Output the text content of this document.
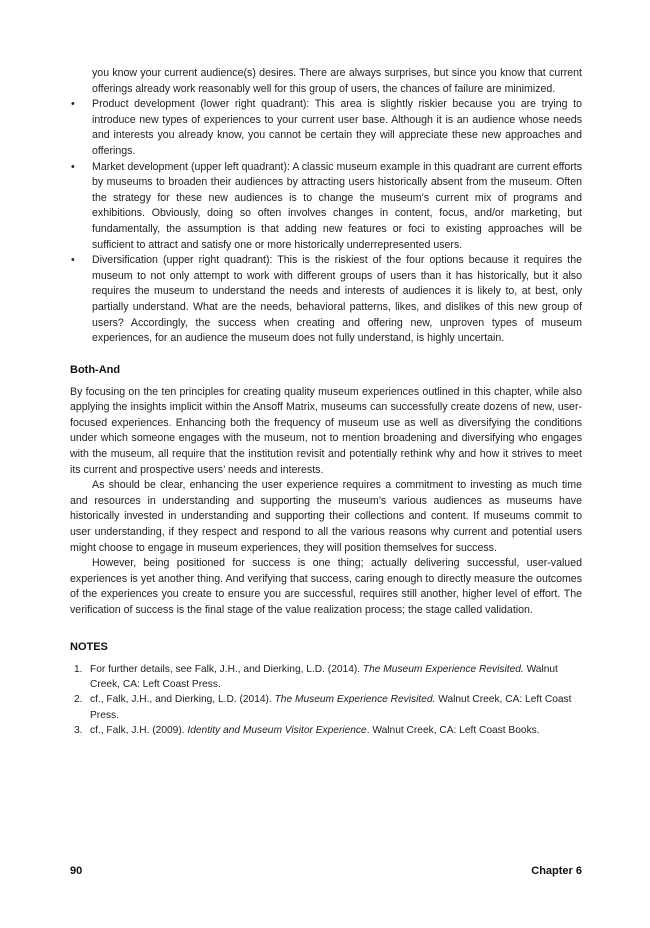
you know your current audience(s) desires. There are always surprises, but since you know that current offerings already work reasonably well for this group of users, the chances of failure are minimized.

• Product development (lower right quadrant): This area is slightly riskier because you are trying to introduce new types of experiences to your current user base. Although it is an audience whose needs and interests you already know, you cannot be certain they will appreciate these new approaches and offerings.
• Market development (upper left quadrant): A classic museum example in this quadrant are current efforts by museums to broaden their audiences by attracting users historically absent from the museum. Often the strategy for these new audiences is to change the museum’s current mix of programs and exhibitions. Obviously, doing so often involves changes in content, focus, and/or marketing, but fundamentally, the assumption is that adding new features or foci to existing approaches will be sufficient to attract and satisfy one or more historically underrepresented users.
• Diversification (upper right quadrant): This is the riskiest of the four options because it requires the museum to not only attempt to work with different groups of users than it has historically, but it also requires the museum to understand the needs and interests of audiences it is likely to, at best, only partially understand. What are the needs, behavioral patterns, likes, and dislikes of this new group of users? Accordingly, the success when creating and offering new, unproven types of museum experiences, for an audience the museum does not fully understand, is highly uncertain.
Both-And

By focusing on the ten principles for creating quality museum experiences outlined in this chapter, while also applying the insights implicit within the Ansoff Matrix, museums can successfully create dozens of new, user-focused experiences. Enhancing both the frequency of museum use as well as diversifying the conditions under which someone engages with the museum, not to mention broadening and diversifying who engages with the museum, all require that the institution revisit and potentially rethink why and how it strives to meet its current and prospective users’ needs and interests.

As should be clear, enhancing the user experience requires a commitment to investing as much time and resources in understanding and supporting the museum’s various audiences as museums have historically invested in understanding and supporting their collections and content. If museums commit to user understanding, if they respect and respond to all the various reasons why current and potential users might choose to engage in museum experiences, they will position themselves for success.

However, being positioned for success is one thing; actually delivering successful, user-valued experiences is yet another thing. And verifying that success, caring enough to directly measure the outcomes of the experiences you create to ensure you are successful, requires still another, higher level of effort. The verification of success is the final stage of the value realization process; the stage called validation.

NOTES
1. For further details, see Falk, J.H., and Dierking, L.D. (2014). The Museum Experience Revisited. Walnut Creek, CA: Left Coast Press.
2. cf., Falk, J.H., and Dierking, L.D. (2014). The Museum Experience Revisited. Walnut Creek, CA: Left Coast Press.
3. cf., Falk, J.H. (2009). Identity and Museum Visitor Experience. Walnut Creek, CA: Left Coast Books.
90	Chapter 6
